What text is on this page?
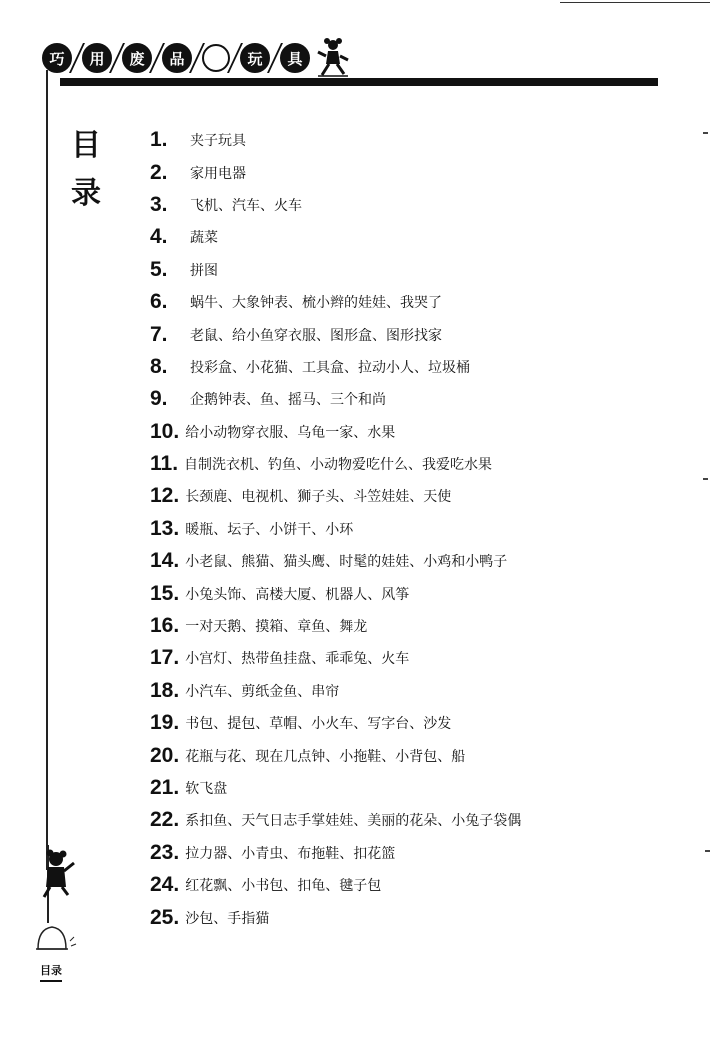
巧	用	废	品	玩	具
目
录
1.	夹子玩具
2.	家用电器
3.	飞机、汽车、火车
4.	蔬菜
5.	拼图
6.	蜗牛、大象钟表、梳小辫的娃娃、我哭了
7.	老鼠、给小鱼穿衣服、图形盒、图形找家
8.	投彩盒、小花猫、工具盒、拉动小人、垃圾桶
9.	企鹅钟表、鱼、摇马、三个和尚
10. 给小动物穿衣服、乌龟一家、水果
11. 自制洗衣机、钓鱼、小动物爱吃什么、我爱吃水果
12. 长颈鹿、电视机、狮子头、斗笠娃娃、天使
13. 暖瓶、坛子、小饼干、小环
14. 小老鼠、熊猫、猫头鹰、时髦的娃娃、小鸡和小鸭子
15. 小兔头饰、高楼大厦、机器人、风筝
16. 一对天鹅、摸箱、章鱼、舞龙
17. 小宫灯、热带鱼挂盘、乖乖兔、火车
18. 小汽车、剪纸金鱼、串帘
19. 书包、提包、草帽、小火车、写字台、沙发
20. 花瓶与花、现在几点钟、小拖鞋、小背包、船
21. 软飞盘
22. 系扣鱼、天气日志手掌娃娃、美丽的花朵、小兔子袋偶
23. 拉力器、小青虫、布拖鞋、扣花篮
24. 红花飘、小书包、扣龟、毽子包
25. 沙包、手指猫
目录
